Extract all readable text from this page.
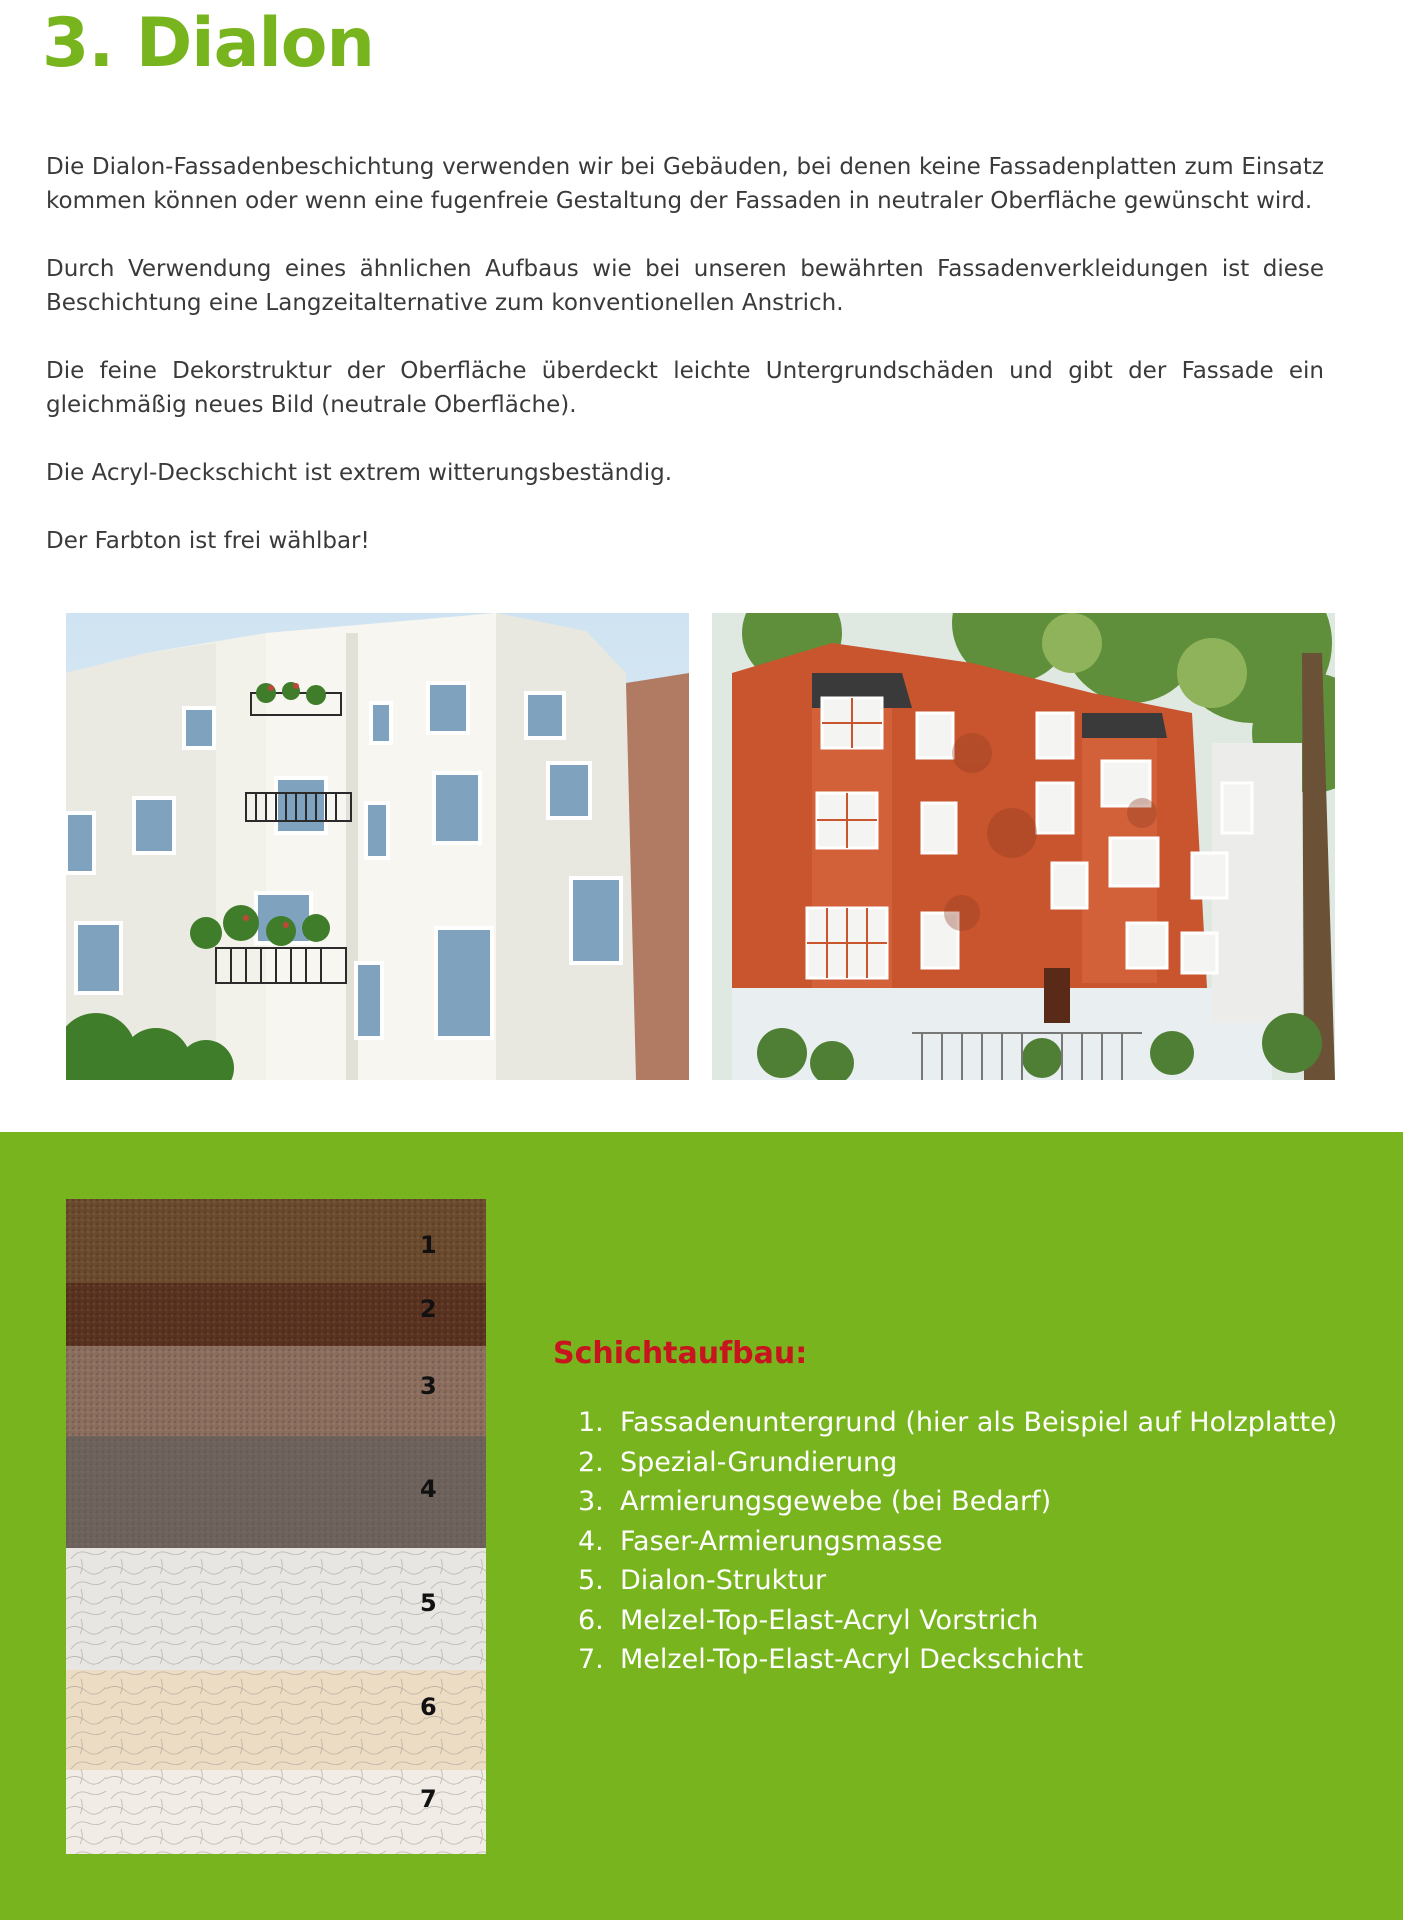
3. Dialon

Die Dialon-Fassadenbeschichtung verwenden wir bei Gebäuden, bei denen keine Fassadenplatten zum Einsatz kommen können oder wenn eine fugenfreie Gestaltung der Fassaden in neutraler Oberfläche gewünscht wird.

Durch Verwendung eines ähnlichen Aufbaus wie bei unseren bewährten Fassadenverkleidungen ist diese Beschichtung eine Langzeitalternative zum konventionellen Anstrich.

Die feine Dekorstruktur der Oberfläche überdeckt leichte Untergrundschäden und gibt der Fassade ein gleichmäßig neues Bild (neutrale Oberfläche).

Die Acryl-Deckschicht ist extrem witterungsbeständig.

Der Farbton ist frei wählbar!

1
2
3
4
5
6
7
Schichtaufbau:
1. Fassadenuntergrund (hier als Beispiel auf Holzplatte)
2. Spezial-Grundierung
3. Armierungsgewebe (bei Bedarf)
4. Faser-Armierungsmasse
5. Dialon-Struktur
6. Melzel-Top-Elast-Acryl Vorstrich
7. Melzel-Top-Elast-Acryl Deckschicht
